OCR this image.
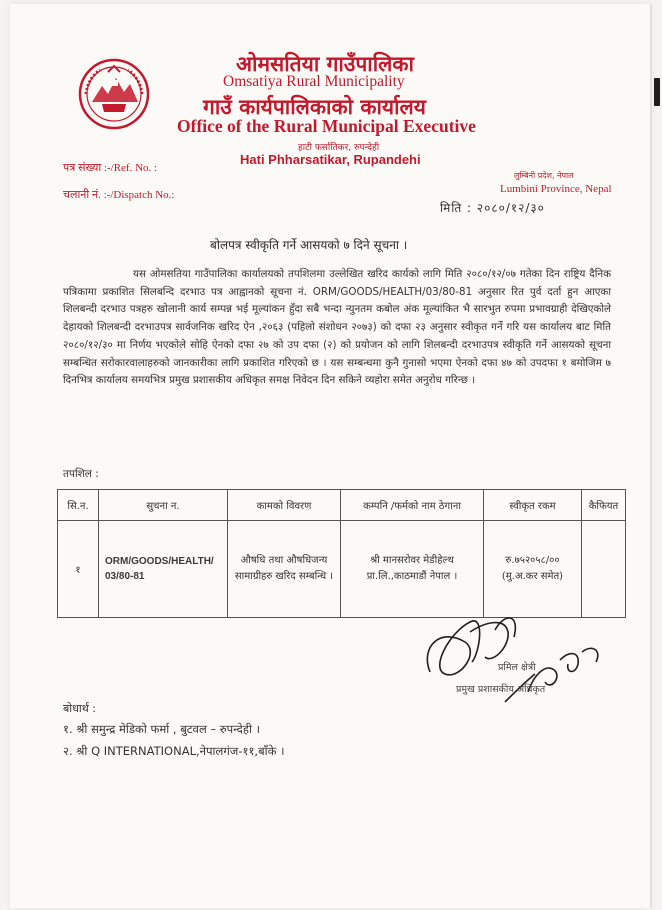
ओमसतिया गाउँपालिका
Omsatiya Rural Municipality
गाउँ कार्यपालिकाको कार्यालय
Office of the Rural Municipal Executive
हाटी फर्सातिकर, रुपन्देही
Hati Phharsatikar, Rupandehi
पत्र संख्या :-/Ref. No. :
चलानी नं. :-/Dispatch No.:
लुम्बिनी प्रदेश, नेपाल
Lumbini Province, Nepal
मिति : २०८०/१२/३०
बोलपत्र स्वीकृति गर्ने आसयको ७ दिने सूचना ।
यस ओमसतिया गाउँपालिका कार्यालयको तपशिलमा उल्लेखित खरिद कार्यको लागि मिति २०८०/१२/०७ गतेका दिन राष्ट्रिय दैनिक पत्रिकामा प्रकाशित सिलबन्दि दरभाउ पत्र आह्वानको सूचना नं. ORM/GOODS/HEALTH/03/80-81 अनुसार रित पुर्व दर्ता हुन आएका शिलबन्दी दरभाउ पत्रहरु खोलानी कार्य सम्पन्न भई मूल्यांकन हुँदा सबै भन्दा न्युनतम कबोल अंक मूल्यांकित भै सारभुत रुपमा प्रभावग्राही देखिएकोले देहायको शिलबन्दी दरभाउपत्र सार्वजनिक खरिद ऐन ,२०६३ (पहिलो संशोधन २०७३) को दफा २३ अनुसार स्वीकृत गर्ने गरि यस कार्यालय बाट मिति २०८०/१२/३० मा निर्णय भएकोले सोहि ऐनको दफा २७ को उप दफा (२) को प्रयोजन को लागि शिलबन्दी दरभाउपत्र स्वीकृति गर्ने आसयको सूचना सम्बन्धित सरोकारवालाहरुको जानकारीका लागि प्रकाशित गरिएको छ । यस सम्बन्धमा कुनै गुनासो भएमा ऐनको दफा ४७ को उपदफा १ बमोजिम ७ दिनभित्र कार्यालय समयभित्र प्रमुख प्रशासकीय अधिकृत समक्ष निवेदन दिन सकिने व्यहोरा समेत अनुरोध गरिन्छ ।
तपशिल :
सि.न.	सुचना न.	कामको विवरण	कम्पनि /फर्मको नाम ठेगाना	स्वीकृत रकम	कैफियत
१	ORM/GOODS/HEALTH/ 03/80-81	औषधि तथा औषधिजन्य सामाग्रीहरु खरिद सम्बन्धि ।	श्री मानसरोवर मेडीहेल्थ प्रा.लि.,काठमाडौं नेपाल ।	रु.७५२०५८/००
(मु.अ.कर समेत)	

प्रमिल क्षेत्री
प्रमुख प्रशासकीय अधिकृत
बोधार्थ :
१. श्री समुन्द्र मेडिको फर्मा , बुटवल – रुपन्देही ।
२. श्री Q INTERNATIONAL,नेपालगंज-११,बाँके ।
